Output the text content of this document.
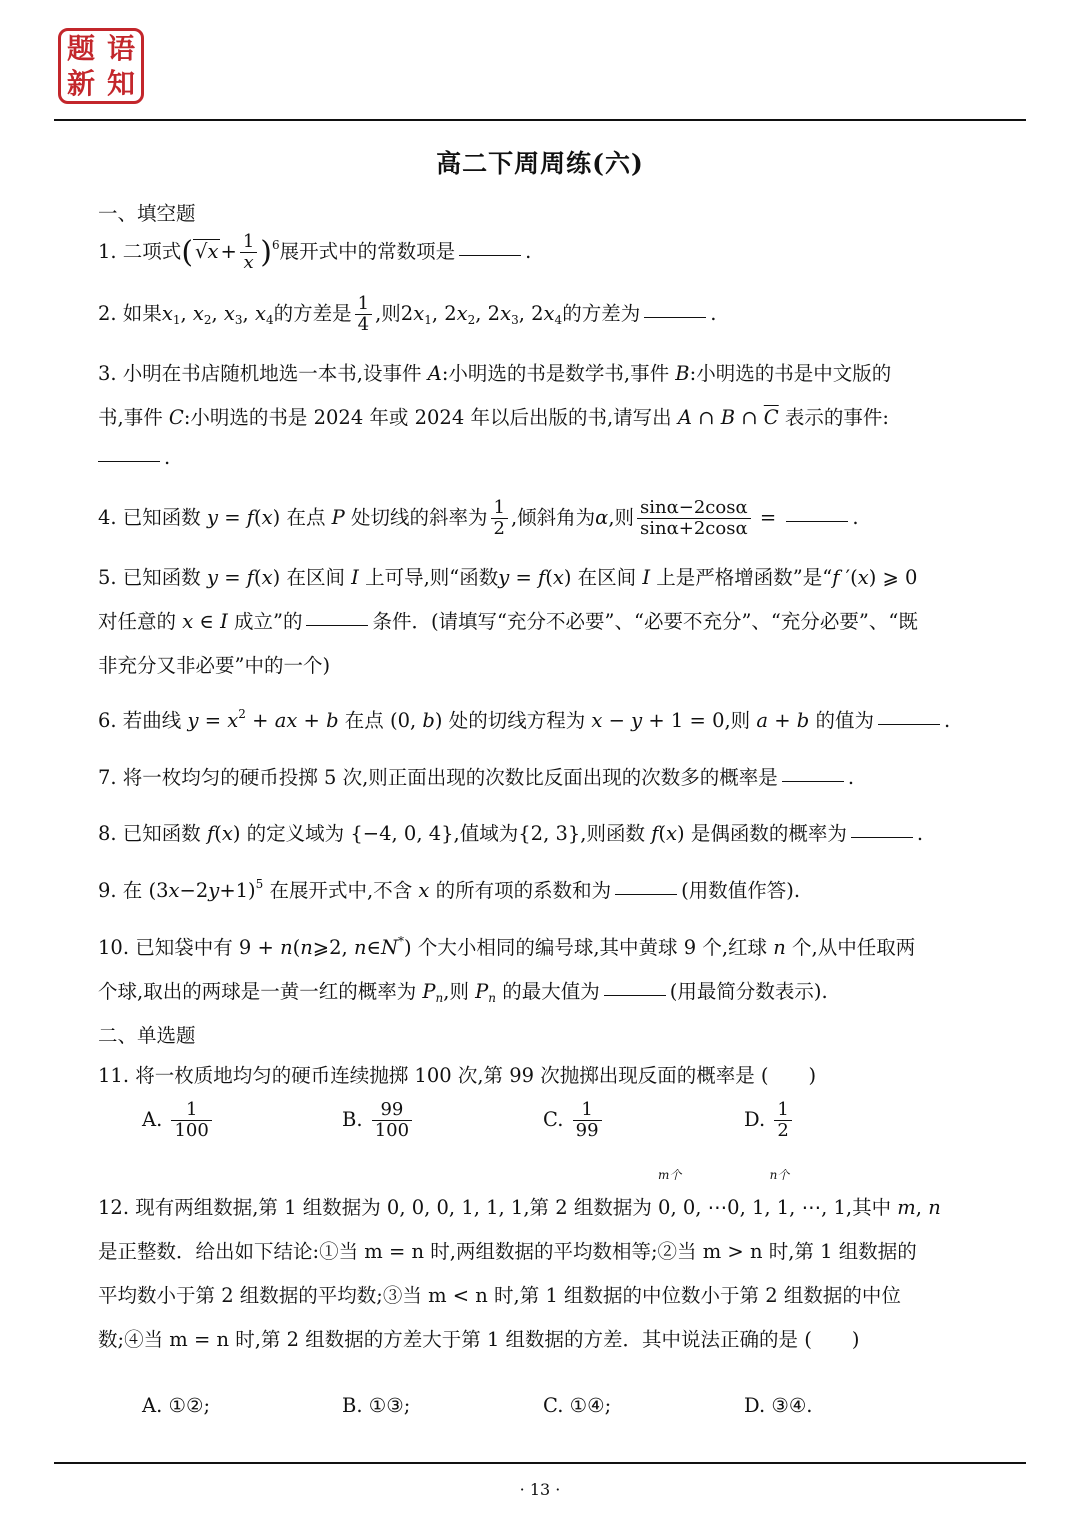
题 语
新 知
高二下周周练(六)
一、填空题
1. 二项式( $√x + \frac{1}{x} )^6$展开式中的常数项是	.
2. 如果$x_1$, $x_2$, $x_3$, $x_4$的方差是 $\frac{1}{4}$ ,则$2x_1$, $2x_2$, $2x_3$, $2x_4$的方差为	.
3. 小明在书店随机地选一本书,设事件 A:小明选的书是数学书,事件 B:小明选的书是中文版的
书,事件 C:小明选的书是 2024 年或 2024 年以后出版的书,请写出 A ∩ B ∩ $\overline{C}$ 表示的事件:
.
4. 已知函数 y = f(x) 在点 P 处切线的斜率为 $\frac{1}{2}$ ,倾斜角为α,则 $\frac{\sin\alpha-2\cos\alpha}{\sin\alpha+2\cos\alpha}$ =	.
5. 已知函数 y = f(x) 在区间 I 上可导,则“函数y = f(x) 在区间 I 上是严格增函数”是“f ′(x) ⩾ 0
对任意的 x ∈ I 成立”的	条件．(请填写“充分不必要”、“必要不充分”、“充分必要”、“既
非充分又非必要”中的一个)
6. 若曲线 $y = x^2$ + ax + b 在点 (0, b) 处的切线方程为 x − y + 1 = 0,则 a + b 的值为	.
7. 将一枚均匀的硬币投掷 5 次,则正面出现的次数比反面出现的次数多的概率是	.
8. 已知函数 f(x) 的定义域为 {−4, 0, 4},值域为{2, 3},则函数 f(x) 是偶函数的概率为	.
9. 在 $(3x-2y+1)^5$ 在展开式中,不含 x 的所有项的系数和为	(用数值作答).
10. 已知袋中有 9 + n(n⩾2, n∈N*) 个大小相同的编号球,其中黄球 9 个,红球 n 个,从中任取两
个球,取出的两球是一黄一红的概率为 $P_n$,则 $P_n$ 的最大值为	(用最简分数表示).
二、单选题
11. 将一枚质地均匀的硬币连续抛掷 100 次,第 99 次抛掷出现反面的概率是 ( )
A. $\frac{1}{100}$	B. $\frac{99}{100}$	C. $\frac{1}{99}$	D. $\frac{1}{2}$
12. 现有两组数据,第 1 组数据为 0, 0, 0, 1, 1, 1,第 2 组数据为
m个
0, 0, ⋯0
n个
, 1, 1, ⋯, 1,其中 m, n
是正整数．给出如下结论:①当 m = n 时,两组数据的平均数相等;②当 m > n 时,第 1 组数据的
平均数小于第 2 组数据的平均数;③当 m < n 时,第 1 组数据的中位数小于第 2 组数据的中位
数;④当 m = n 时,第 2 组数据的方差大于第 1 组数据的方差．其中说法正确的是 ( )
A. ①②;	B. ①③;	C. ①④;	D. ③④.
· 13 ·
